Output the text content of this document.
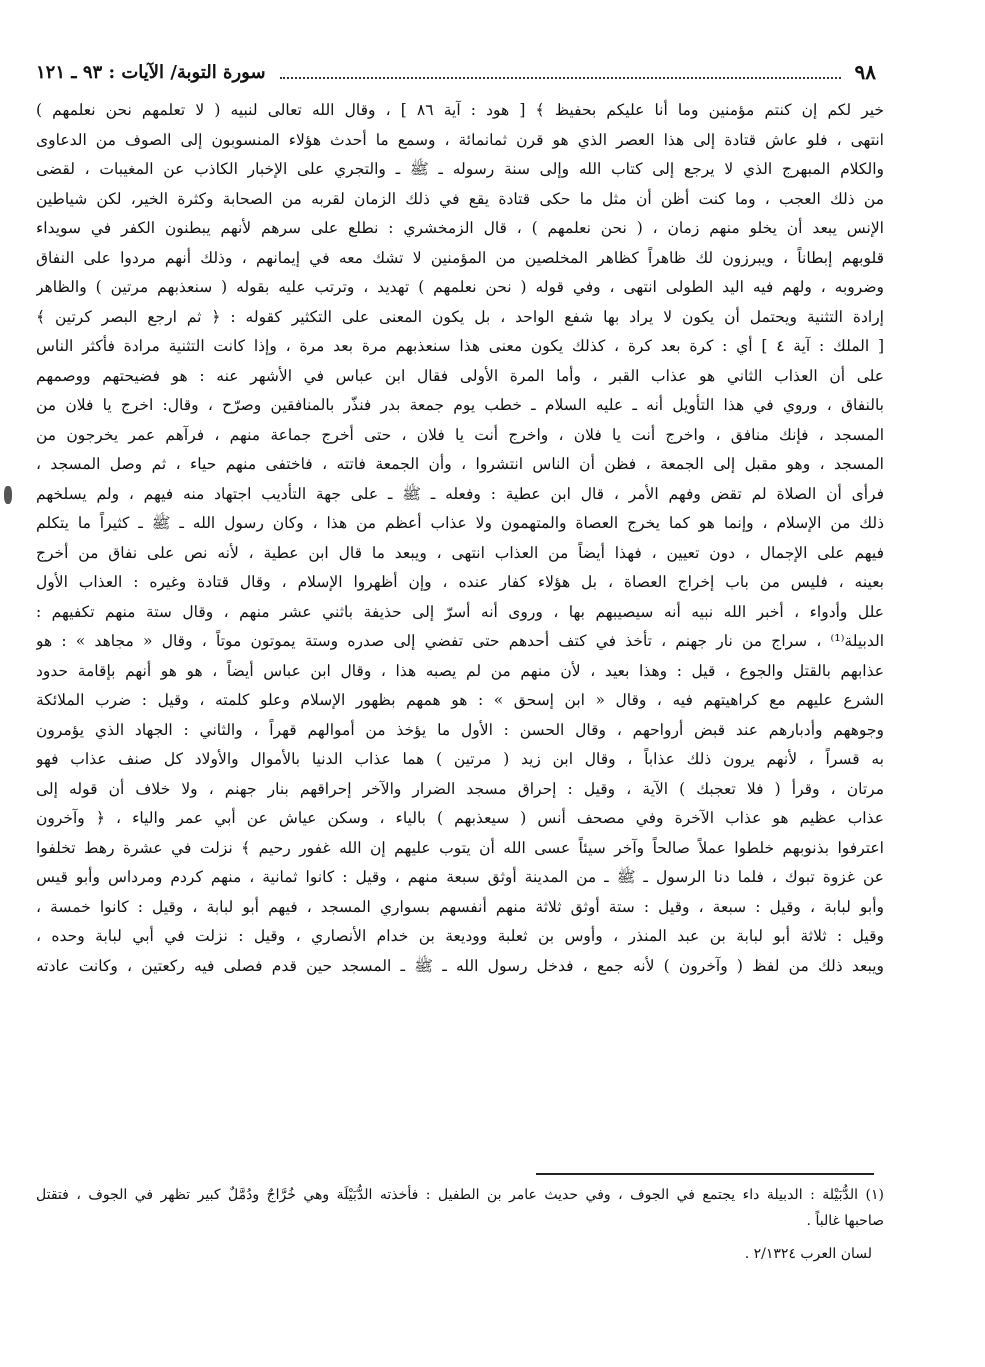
٩٨
سورة التوبة/ الآيات : ٩٣ ـ ١٢١
خير لكم إن كنتم مؤمنين وما أنا عليكم بحفيظ ﴾ [ هود : آية ٨٦ ] ، وقال الله تعالى لنبيه ( لا تعلمهم نحن نعلمهم )
انتهى ، فلو عاش قتادة إلى هذا العصر الذي هو قرن ثمانمائة ، وسمع ما أحدث هؤلاء المنسوبون إلى الصوف من الدعاوى
والكلام المبهرج الذي لا يرجع إلى كتاب الله وإلى سنة رسوله ـ ﷺ ـ والتجري على الإخبار الكاذب عن المغيبات ، لقضى
من ذلك العجب ، وما كنت أظن أن مثل ما حكى قتادة يقع في ذلك الزمان لقربه من الصحابة وكثرة الخير، لكن شياطين
الإنس يبعد أن يخلو منهم زمان ، ( نحن نعلمهم ) ، قال الزمخشري : نطلع على سرهم لأنهم يبطنون الكفر في سويداء
قلوبهم إبطاناً ، ويبرزون لك ظاهراً كظاهر المخلصين من المؤمنين لا تشك معه في إيمانهم ، وذلك أنهم مردوا على النفاق
وضروبه ، ولهم فيه اليد الطولى انتهى ، وفي قوله ( نحن نعلمهم ) تهديد ، وترتب عليه بقوله ( سنعذبهم مرتين ) والظاهر
إرادة التثنية ويحتمل أن يكون لا يراد بها شفع الواحد ، بل يكون المعنى على التكثير كقوله : ﴿ ثم ارجع البصر كرتين ﴾
[ الملك : آية ٤ ] أي : كرة بعد كرة ، كذلك يكون معنى هذا سنعذبهم مرة بعد مرة ، وإذا كانت التثنية مرادة فأكثر الناس
على أن العذاب الثاني هو عذاب القبر ، وأما المرة الأولى فقال ابن عباس في الأشهر عنه : هو فضيحتهم ووصمهم
بالنفاق ، وروي في هذا التأويل أنه ـ عليه السلام ـ خطب يوم جمعة بدر فنذّر بالمنافقين وصرّح ، وقال: اخرج يا فلان من
المسجد ، فإنك منافق ، واخرج أنت يا فلان ، واخرج أنت يا فلان ، حتى أخرج جماعة منهم ، فرآهم عمر يخرجون من
المسجد ، وهو مقبل إلى الجمعة ، فظن أن الناس انتشروا ، وأن الجمعة فاتته ، فاختفى منهم حياء ، ثم وصل المسجد ،
فرأى أن الصلاة لم تقض وفهم الأمر ، قال ابن عطية : وفعله ـ ﷺ ـ على جهة التأديب اجتهاد منه فيهم ، ولم يسلخهم
ذلك من الإسلام ، وإنما هو كما يخرج العصاة والمتهمون ولا عذاب أعظم من هذا ، وكان رسول الله ـ ﷺ ـ كثيراً ما يتكلم
فيهم على الإجمال ، دون تعيين ، فهذا أيضاً من العذاب انتهى ، ويبعد ما قال ابن عطية ، لأنه نص على نفاق من أخرج
بعينه ، فليس من باب إخراج العصاة ، بل هؤلاء كفار عنده ، وإن أظهروا الإسلام ، وقال قتادة وغيره : العذاب الأول
علل وأدواء ، أخبر الله نبيه أنه سيصيبهم بها ، وروى أنه أسرّ إلى حذيفة باثني عشر منهم ، وقال ستة منهم تكفيهم :
الدبيلة⁽¹⁾ ، سراج من نار جهنم ، تأخذ في كتف أحدهم حتى تفضي إلى صدره وستة يموتون موتاً ، وقال « مجاهد » : هو
عذابهم بالقتل والجوع ، قيل : وهذا بعيد ، لأن منهم من لم يصبه هذا ، وقال ابن عباس أيضاً ، هو هو أنهم بإقامة حدود
الشرع عليهم مع كراهيتهم فيه ، وقال « ابن إسحق » : هو همهم بظهور الإسلام وعلو كلمته ، وقيل : ضرب الملائكة
وجوههم وأدبارهم عند قبض أرواحهم ، وقال الحسن : الأول ما يؤخذ من أموالهم قهراً ، والثاني : الجهاد الذي يؤمرون
به قسراً ، لأنهم يرون ذلك عذاباً ، وقال ابن زيد ( مرتين ) هما عذاب الدنيا بالأموال والأولاد كل صنف عذاب فهو
مرتان ، وقرأ ( فلا تعجبك ) الآية ، وقيل : إحراق مسجد الضرار والآخر إحراقهم بنار جهنم ، ولا خلاف أن قوله إلى
عذاب عظيم هو عذاب الآخرة وفي مصحف أنس ( سيعذبهم ) بالياء ، وسكن عياش عن أبي عمر والياء ، ﴿ وآخرون
اعترفوا بذنوبهم خلطوا عملاً صالحاً وآخر سيئاً عسى الله أن يتوب عليهم إن الله غفور رحيم ﴾ نزلت في عشرة رهط تخلفوا
عن غزوة تبوك ، فلما دنا الرسول ـ ﷺ ـ من المدينة أوثق سبعة منهم ، وقيل : كانوا ثمانية ، منهم كردم ومرداس وأبو قيس
وأبو لبابة ، وقيل : سبعة ، وقيل : ستة أوثق ثلاثة منهم أنفسهم بسواري المسجد ، فيهم أبو لبابة ، وقيل : كانوا خمسة ،
وقيل : ثلاثة أبو لبابة بن عبد المنذر ، وأوس بن ثعلبة ووديعة بن خدام الأنصاري ، وقيل : نزلت في أبي لبابة وحده ،
ويبعد ذلك من لفظ ( وآخرون ) لأنه جمع ، فدخل رسول الله ـ ﷺ ـ المسجد حين قدم فصلى فيه ركعتين ، وكانت عادته
(١) الدُّبَيْلة : الدبيلة داء يجتمع في الجوف ، وفي حديث عامر بن الطفيل : فأخذته الدُّبَيْلَة وهي خُرَّاجٌ ودُمَّلٌ كبير تظهر في الجوف ، فتقتل
صاحبها غالباً .
لسان العرب ٢/١٣٢٤ .
